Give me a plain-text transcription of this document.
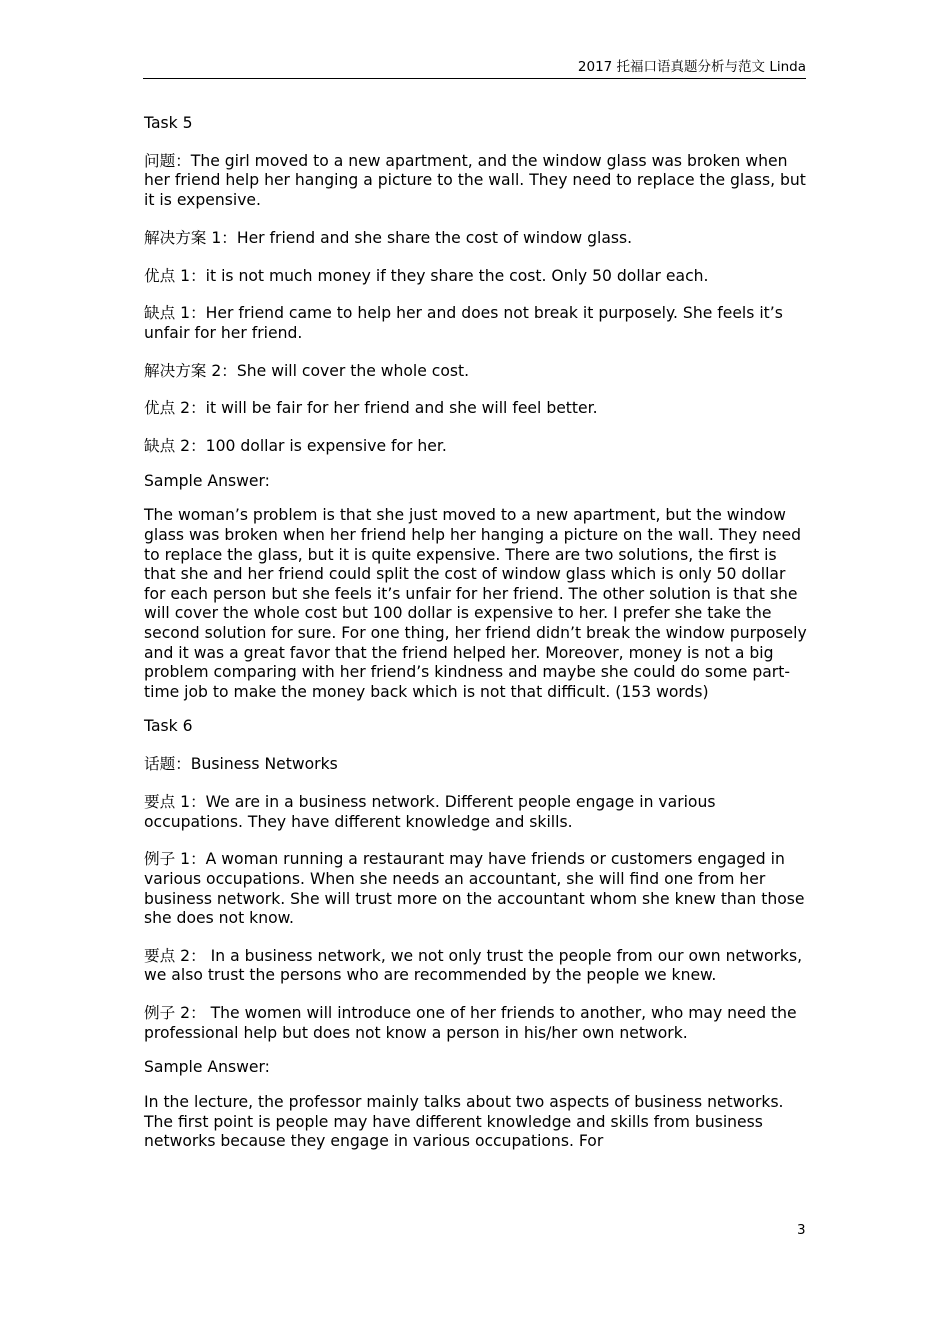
2017 托福口语真题分析与范文 Linda

Task 5

问题：The girl moved to a new apartment, and the window glass was broken when her friend help her hanging a picture to the wall. They need to replace the glass, but it is expensive.

解决方案 1：Her friend and she share the cost of window glass.

优点 1：it is not much money if they share the cost. Only 50 dollar each.

缺点 1：Her friend came to help her and does not break it purposely. She feels it’s unfair for her friend.

解决方案 2：She will cover the whole cost.

优点 2：it will be fair for her friend and she will feel better.

缺点 2：100 dollar is expensive for her.

Sample Answer:

The woman’s problem is that she just moved to a new apartment, but the window glass was broken when her friend help her hanging a picture on the wall. They need to replace the glass, but it is quite expensive. There are two solutions, the first is that she and her friend could split the cost of window glass which is only 50 dollar for each person but she feels it’s unfair for her friend. The other solution is that she will cover the whole cost but 100 dollar is expensive to her. I prefer she take the second solution for sure. For one thing, her friend didn’t break the window purposely and it was a great favor that the friend helped her. Moreover, money is not a big problem comparing with her friend’s kindness and maybe she could do some part-time job to make the money back which is not that difficult. (153 words)

Task 6

话题：Business Networks

要点 1：We are in a business network. Different people engage in various occupations. They have different knowledge and skills.

例子 1：A woman running a restaurant may have friends or customers engaged in various occupations. When she needs an accountant, she will find one from her business network. She will trust more on the accountant whom she knew than those she does not know.

要点 2： In a business network, we not only trust the people from our own networks, we also trust the persons who are recommended by the people we knew.

例子 2： The women will introduce one of her friends to another, who may need the professional help but does not know a person in his/her own network.

Sample Answer:

In the lecture, the professor mainly talks about two aspects of business networks. The first point is people may have different knowledge and skills from business networks because they engage in various occupations. For

3
